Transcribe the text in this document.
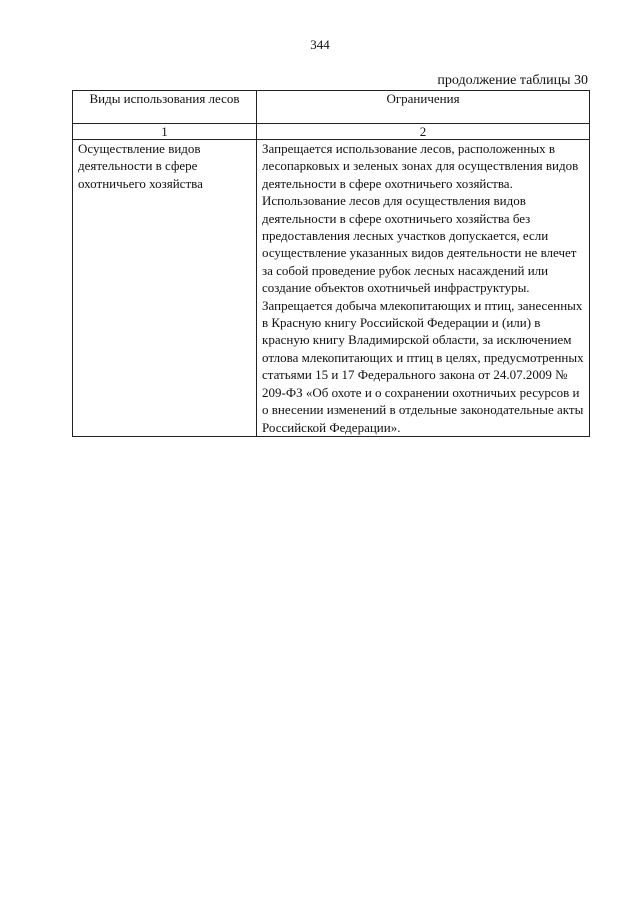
344
продолжение таблицы 30
Виды использования лесов	Ограничения
1	2
Осуществление видов деятельности в сфере охотничьего хозяйства	Запрещается использование лесов, расположенных в лесопарковых и зеленых зонах для осуществления видов деятельности в сфере охотничьего хозяйства.
Использование лесов для осуществления видов деятельности в сфере охотничьего хозяйства без предоставления лесных участков допускается, если осуществление указанных видов деятельности не влечет за собой проведение рубок лесных насаждений или создание объектов охотничьей инфраструктуры.
Запрещается добыча млекопитающих и птиц, занесенных в Красную книгу Российской Федерации и (или) в красную книгу Владимирской области, за исключением отлова млекопитающих и птиц в целях, предусмотренных статьями 15 и 17 Федерального закона от 24.07.2009 № 209-ФЗ «Об охоте и о сохранении охотничьих ресурсов и о внесении изменений в отдельные законодательные акты Российской Федерации».
